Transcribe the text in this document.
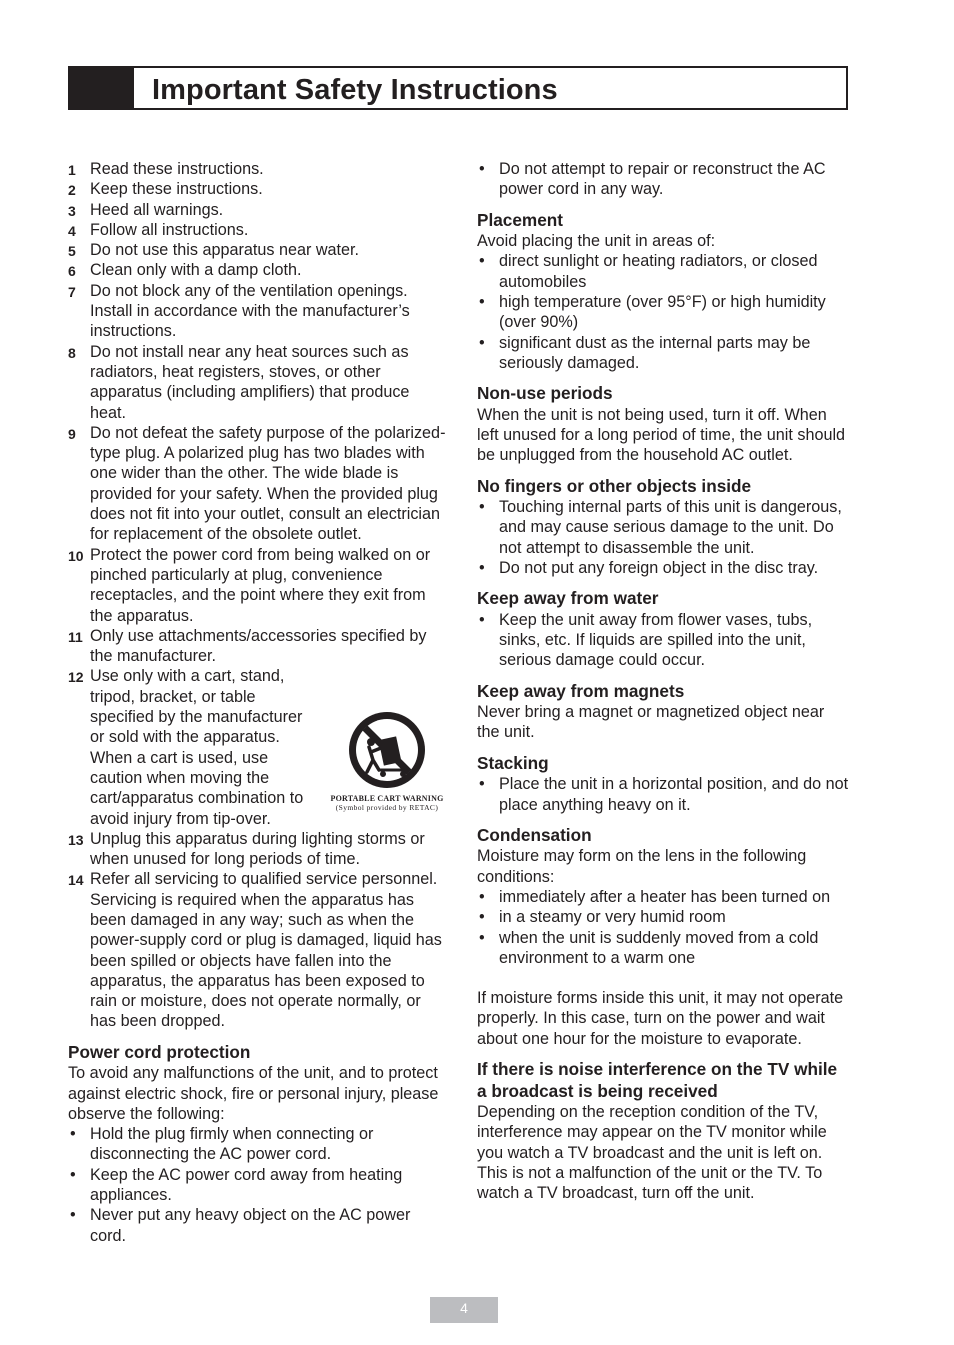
Important Safety Instructions
1 Read these instructions.
2 Keep these instructions.
3 Heed all warnings.
4 Follow all instructions.
5 Do not use this apparatus near water.
6 Clean only with a damp cloth.
7 Do not block any of the ventilation openings. Install in accordance with the manufacturer’s instructions.
8 Do not install near any heat sources such as radiators, heat registers, stoves, or other apparatus (including amplifiers) that produce heat.
9 Do not defeat the safety purpose of the polarized-type plug. A polarized plug has two blades with one wider than the other. The wide blade is provided for your safety. When the provided plug does not fit into your outlet, consult an electrician for replacement of the obsolete outlet.
10 Protect the power cord from being walked on or pinched particularly at plug, convenience receptacles, and the point where they exit from the apparatus.
11 Only use attachments/accessories specified by the manufacturer.
PORTABLE CART WARNING
(Symbol provided by RETAC)
12 Use only with a cart, stand, tripod, bracket, or table specified by the manufacturer or sold with the apparatus. When a cart is used, use caution when moving the cart/apparatus combination to avoid injury from tip-over.
13 Unplug this apparatus during lighting storms or when unused for long periods of time.
14 Refer all servicing to qualified service personnel. Servicing is required when the apparatus has been damaged in any way; such as when the power-supply cord or plug is damaged, liquid has been spilled or objects have fallen into the apparatus, the apparatus has been exposed to rain or moisture, does not operate normally, or has been dropped.
Power cord protection

To avoid any malfunctions of the unit, and to protect against electric shock, fire or personal injury, please observe the following:

• Hold the plug firmly when connecting or disconnecting the AC power cord.
• Keep the AC power cord away from heating appliances.
• Never put any heavy object on the AC power cord.
• Do not attempt to repair or reconstruct the AC power cord in any way.
Placement

Avoid placing the unit in areas of:

• direct sunlight or heating radiators, or closed automobiles
• high temperature (over 95°F) or high humidity (over 90%)
• significant dust as the internal parts may be seriously damaged.
Non-use periods

When the unit is not being used, turn it off. When left unused for a long period of time, the unit should be unplugged from the household AC outlet.

No fingers or other objects inside
• Touching internal parts of this unit is dangerous, and may cause serious damage to the unit. Do not attempt to disassemble the unit.
• Do not put any foreign object in the disc tray.
Keep away from water
• Keep the unit away from flower vases, tubs, sinks, etc. If liquids are spilled into the unit, serious damage could occur.
Keep away from magnets

Never bring a magnet or magnetized object near the unit.

Stacking
• Place the unit in a horizontal position, and do not place anything heavy on it.
Condensation

Moisture may form on the lens in the following conditions:

• immediately after a heater has been turned on
• in a steamy or very humid room
• when the unit is suddenly moved from a cold environment to a warm one

If moisture forms inside this unit, it may not operate properly. In this case, turn on the power and wait about one hour for the moisture to evaporate.

If there is noise interference on the TV while a broadcast is being received

Depending on the reception condition of the TV, interference may appear on the TV monitor while you watch a TV broadcast and the unit is left on. This is not a malfunction of the unit or the TV. To watch a TV broadcast, turn off the unit.

4
